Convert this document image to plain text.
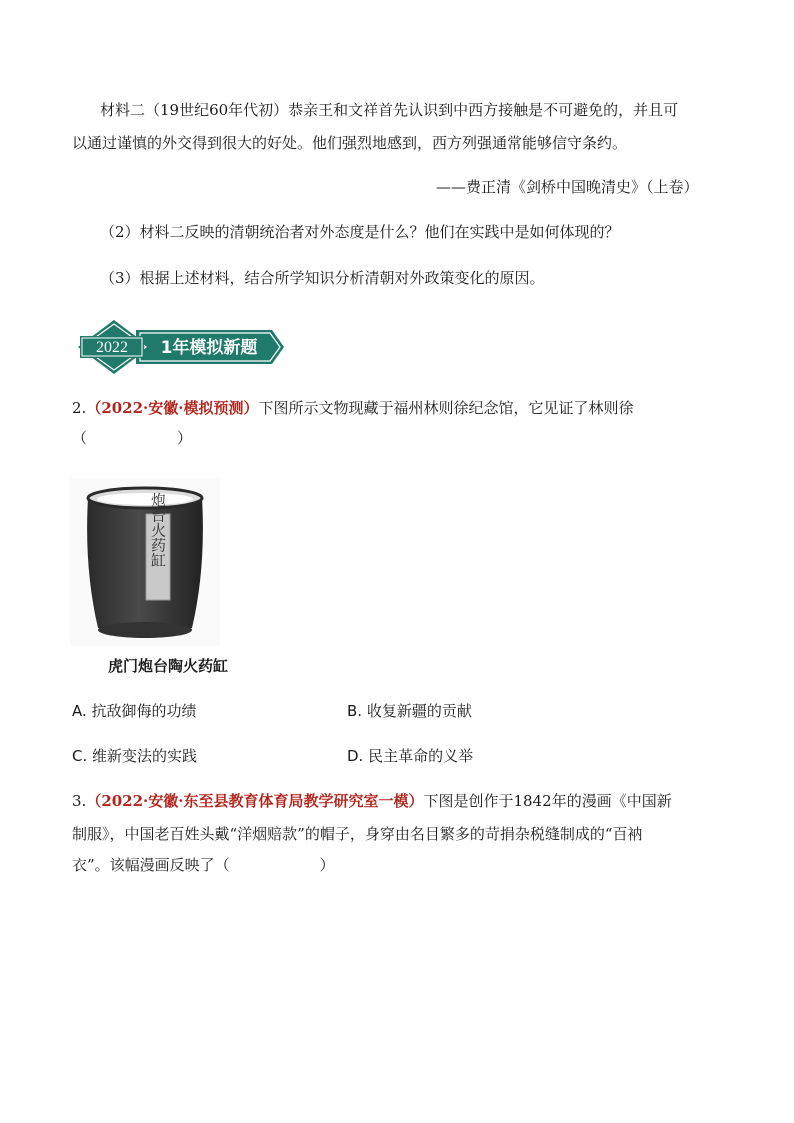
材料二（19世纪60年代初）恭亲王和文祥首先认识到中西方接触是不可避免的，并且可
以通过谨慎的外交得到很大的好处。他们强烈地感到，西方列强通常能够信守条约。
——费正清《剑桥中国晚清史》（上卷）
（2）材料二反映的清朝统治者对外态度是什么？他们在实践中是如何体现的？
（3）根据上述材料，结合所学知识分析清朝对外政策变化的原因。
2022 1年模拟新题
2.（2022·安徽·模拟预测）下图所示文物现藏于福州林则徐纪念馆，它见证了林则徐
（　　　　　　）
炮台火药缸
虎门炮台陶火药缸
A. 抗敌御侮的功绩	B. 收复新疆的贡献
C. 维新变法的实践	D. 民主革命的义举
3.（2022·安徽·东至县教育体育局教学研究室一模）下图是创作于1842年的漫画《中国新
制服》，中国老百姓头戴“洋烟赔款”的帽子，身穿由名目繁多的苛捐杂税缝制成的“百衲
衣”。该幅漫画反映了（　　　　　　）
